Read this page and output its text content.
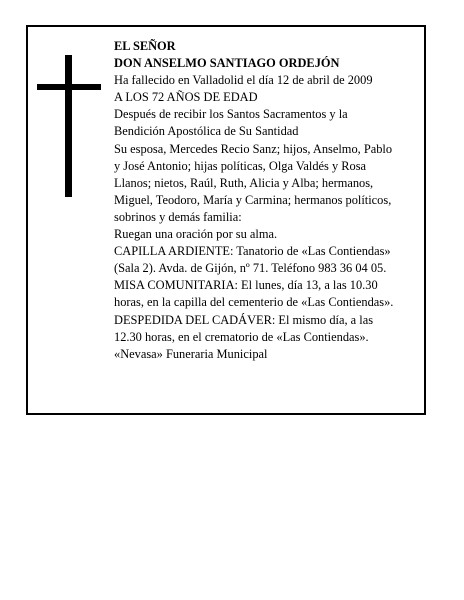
EL SEÑOR
DON ANSELMO SANTIAGO ORDEJÓN
Ha fallecido en Valladolid el día 12 de abril de 2009
A LOS 72 AÑOS DE EDAD
Después de recibir los Santos Sacramentos y la
Bendición Apostólica de Su Santidad
Su esposa, Mercedes Recio Sanz; hijos, Anselmo, Pablo
y José Antonio; hijas políticas, Olga Valdés y Rosa
Llanos; nietos, Raúl, Ruth, Alicia y Alba; hermanos,
Miguel, Teodoro, María y Carmina; hermanos políticos,
sobrinos y demás familia:
Ruegan una oración por su alma.
CAPILLA ARDIENTE: Tanatorio de «Las Contiendas»
(Sala 2). Avda. de Gijón, nº 71. Teléfono 983 36 04 05.
MISA COMUNITARIA: El lunes, día 13, a las 10.30
horas, en la capilla del cementerio de «Las Contiendas».
DESPEDIDA DEL CADÁVER: El mismo día, a las
12.30 horas, en el crematorio de «Las Contiendas».
«Nevasa» Funeraria Municipal
